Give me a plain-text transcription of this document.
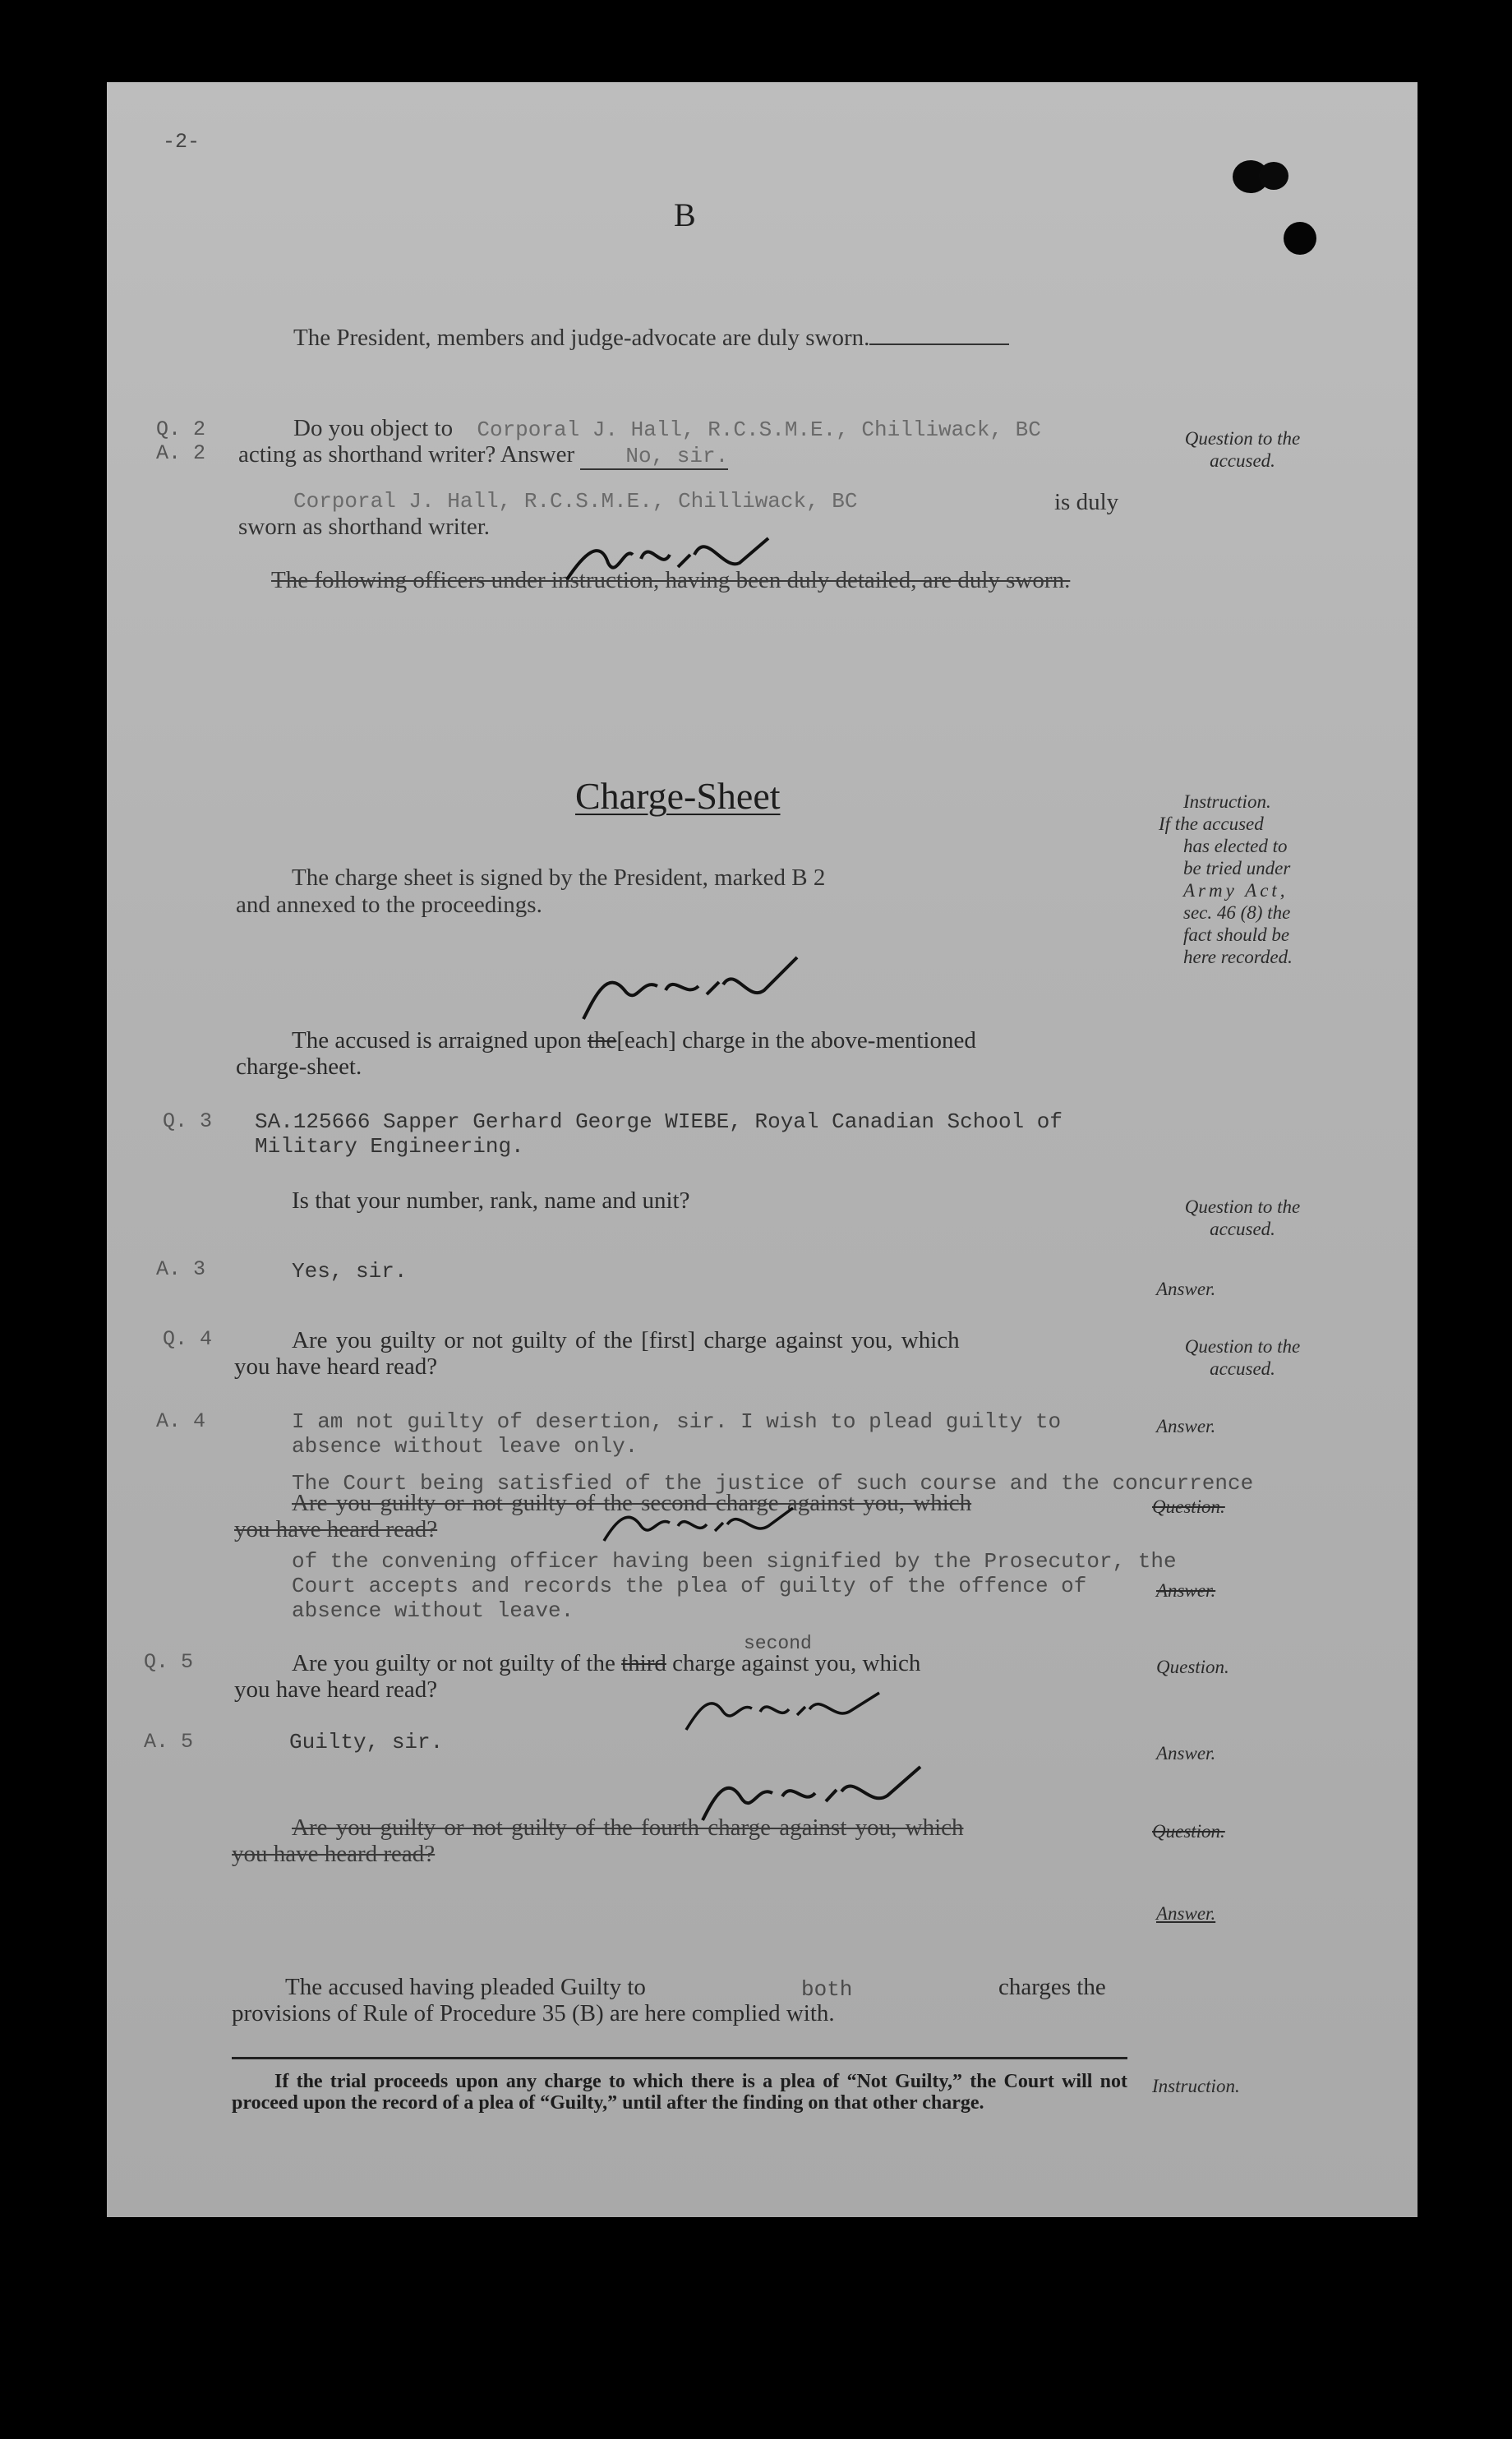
-2-
B
The President, members and judge-advocate are duly sworn.
Q. 2
A. 2
Do you object to Corporal J. Hall, R.C.S.M.E., Chilliwack, BC
acting as shorthand writer? Answer No, sir.
Question to the accused.
Corporal J. Hall, R.C.S.M.E., Chilliwack, BC	is duly
sworn as shorthand writer.
The following officers under instruction, having been duly detailed, are duly sworn.
Charge-Sheet	Instruction.
If the accused
has elected to
be tried under
Army Act,
sec. 46 (8) the
fact should be
here recorded.
The charge sheet is signed by the President, marked B 2
and annexed to the proceedings.
The accused is arraigned upon the[each] charge in the above-mentioned
charge-sheet.
Q. 3 SA.125666 Sapper Gerhard George WIEBE, Royal Canadian School of
Military Engineering.
Is that your number, rank, name and unit?	Question to the accused.
A. 3	Yes, sir.
Answer.
Q. 4	Are you guilty or not guilty of the [first] charge against you, which
you have heard read?
Question to the accused.
A. 4	I am not guilty of desertion, sir. I wish to plead guilty to
absence without leave only.
Answer.
The Court being satisfied of the justice of such course and the concurrence
Are you guilty or not guilty of the second charge against you, which
you have heard read?
Question.
of the convening officer having been signified by the Prosecutor, the
Court accepts and records the plea of guilty of the offence of
absence without leave.
Answer.
second
Q. 5	Are you guilty or not guilty of the third charge against you, which
you have heard read?
Question.
A. 5	Guilty, sir.	Answer.
Are you guilty or not guilty of the fourth charge against you, which
you have heard read?
Question.
Answer.
The accused having pleaded Guilty to	both	charges the
provisions of Rule of Procedure 35 (B) are here complied with.
If the trial proceeds upon any charge to which there is a plea of “Not Guilty,” the Court will not proceed upon the record of a plea of “Guilty,” until after the finding on that other charge.
Instruction.
